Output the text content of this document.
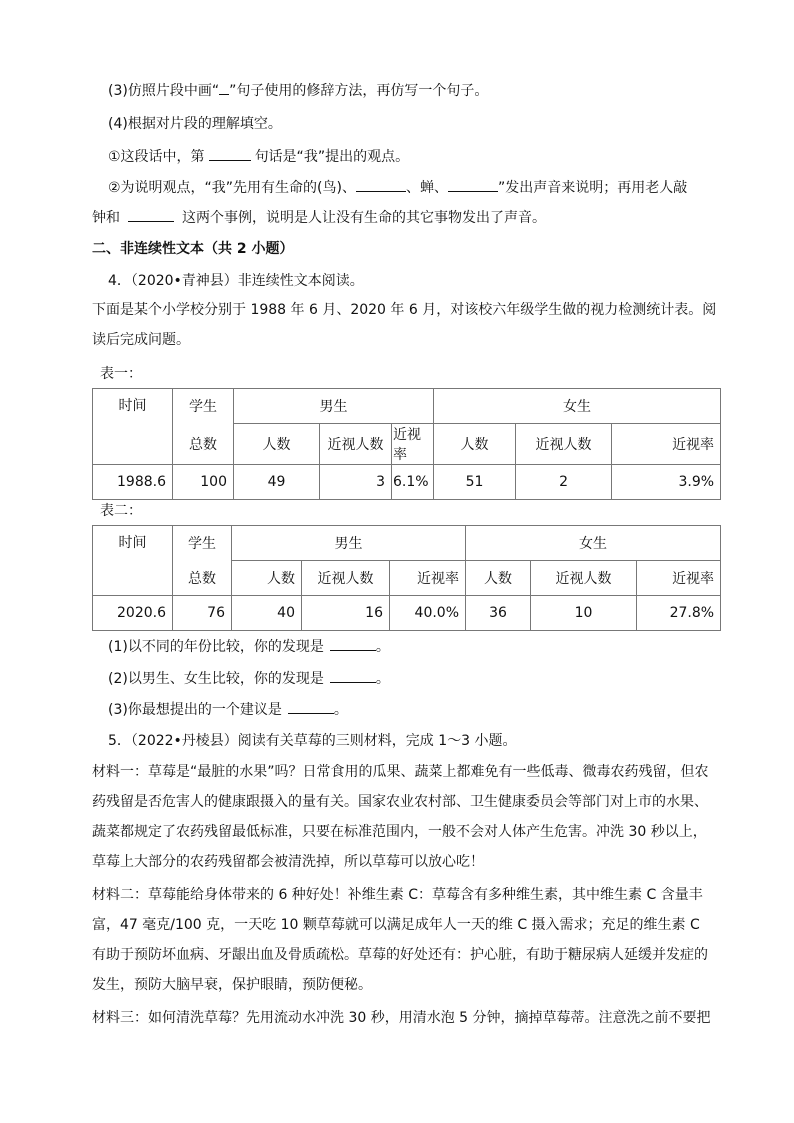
(3)仿照片段中画“ ”句子使用的修辞方法，再仿写一个句子。
(4)根据对片段的理解填空。
①这段话中，第	句话是“我”提出的观点。
②为说明观点，“我”先用有生命的(鸟)、	、蝉、	”发出声音来说明；再用老人敲
钟和	这两个事例，说明是人让没有生命的其它事物发出了声音。
二、非连续性文本（共 2 小题）
4．（2020•青神县）非连续性文本阅读。
下面是某个小学校分别于 1988 年 6 月、2020 年 6 月，对该校六年级学生做的视力检测统计表。阅读后完成问题。
表一：
时间	学生	男生			女生		
	总数	人数	近视人数	近视率	人数	近视人数	近视率
1988.6	100	49	3	6.1%	51	2	3.9%
表二：
时间	学生	男生			女生		
	总数	人数	近视人数	近视率	人数	近视人数	近视率
2020.6	76	40	16	40.0%	36	10	27.8%
(1)以不同的年份比较，你的发现是	。
(2)以男生、女生比较，你的发现是	。
(3)你最想提出的一个建议是	。
5．（2022•丹棱县）阅读有关草莓的三则材料，完成 1～3 小题。
材料一：草莓是“最脏的水果”吗？日常食用的瓜果、蔬菜上都难免有一些低毒、微毒农药残留，但农药残留是否危害人的健康跟摄入的量有关。国家农业农村部、卫生健康委员会等部门对上市的水果、蔬菜都规定了农药残留最低标准，只要在标准范围内，一般不会对人体产生危害。冲洗 30 秒以上，草莓上大部分的农药残留都会被清洗掉，所以草莓可以放心吃！
材料二：草莓能给身体带来的 6 种好处！补维生素 C：草莓含有多种维生素，其中维生素 C 含量丰富，47 毫克/100 克，一天吃 10 颗草莓就可以满足成年人一天的维 C 摄入需求；充足的维生素 C 有助于预防坏血病、牙龈出血及骨质疏松。草莓的好处还有：护心脏，有助于糖尿病人延缓并发症的发生，预防大脑早衰，保护眼睛，预防便秘。
材料三：如何清洗草莓？先用流动水冲洗 30 秒，用清水泡 5 分钟，摘掉草莓蒂。注意洗之前不要把
